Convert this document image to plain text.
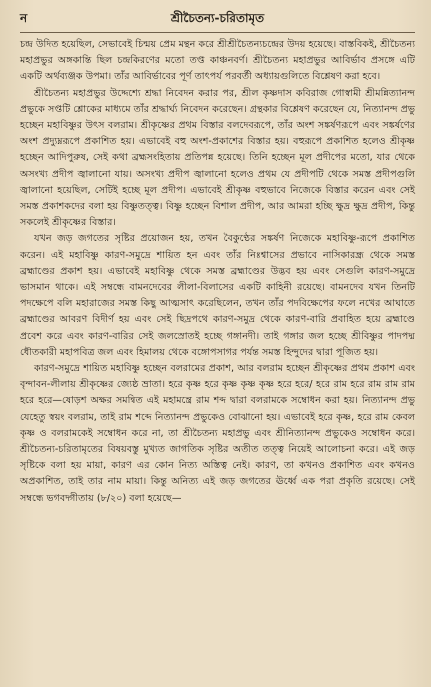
ন	শ্রীচৈতন্য-চরিতামৃত

চন্দ্র উদিত হয়েছিল, সেভাবেই চিন্ময় প্রেম মন্থন করে শ্রীশ্রীচৈতন্যচন্দ্রের উদয় হয়েছে। বাস্তবিকই, শ্রীচৈতন্য মহাপ্রভুর অঙ্গকান্তি ছিল চন্দ্রকিরণের মতো তপ্ত কাঞ্চনবর্ণ। শ্রীচৈতন্য মহাপ্রভুর আবির্ভাব প্রসঙ্গে এটি একটি অর্থব্যঞ্জক উপমা। তাঁর আবির্ভাবের পূর্ণ তাৎপর্য পরবর্তী অধ্যায়গুলিতে বিশ্লেষণ করা হবে।

শ্রীচৈতন্য মহাপ্রভুর উদ্দেশ্যে শ্রদ্ধা নিবেদন করার পর, শ্রীল কৃষ্ণদাস কবিরাজ গোস্বামী শ্রীমন্নিত্যানন্দ প্রভুকে সপ্তটি শ্লোকের মাধ্যমে তাঁর শ্রদ্ধার্ঘ্য নিবেদন করেছেন। গ্রন্থকার বিশ্লেষণ করেছেন যে, নিত্যানন্দ প্রভু হচ্ছেন মহাবিষ্ণুর উৎস বলরাম। শ্রীকৃষ্ণের প্রথম বিস্তার বলদেবরূপে, তাঁর অংশ সঙ্কর্ষণরূপে এবং সঙ্কর্ষণের অংশ প্রদ্যুম্নরূপে প্রকাশিত হয়। এভাবেই বহু অংশ-প্রকাশের বিস্তার হয়। বহুরূপে প্রকাশিত হলেও শ্রীকৃষ্ণ হচ্ছেন আদিপুরুষ, সেই কথা ব্রহ্মসংহিতায় প্রতিপন্ন হয়েছে। তিনি হচ্ছেন মূল প্রদীপের মতো, যার থেকে অসংখ্য প্রদীপ জ্বালানো যায়। অসংখ্য প্রদীপ জ্বালানো হলেও প্রথম যে প্রদীপটি থেকে সমস্ত প্রদীপগুলি জ্বালানো হয়েছিল, সেটিই হচ্ছে মূল প্রদীপ। এভাবেই শ্রীকৃষ্ণ বহুভাবে নিজেকে বিস্তার করেন এবং সেই সমস্ত প্রকাশকদের বলা হয় বিষ্ণুতত্ত্ব। বিষ্ণু হচ্ছেন বিশাল প্রদীপ, আর আমরা হচ্ছি ক্ষুদ্র ক্ষুদ্র প্রদীপ, কিন্তু সকলেই শ্রীকৃষ্ণের বিস্তার।

যখন জড় জগতের সৃষ্টির প্রয়োজন হয়, তখন বৈকুণ্ঠের সঙ্কর্ষণ নিজেকে মহাবিষ্ণু-রূপে প্রকাশিত করেন। এই মহাবিষ্ণু কারণ-সমুদ্রে শায়িত হন এবং তাঁর নিঃশ্বাসের প্রভাবে নাসিকারন্ধ্র থেকে সমস্ত ব্রহ্মাণ্ডের প্রকাশ হয়। এভাবেই মহাবিষ্ণু থেকে সমস্ত ব্রহ্মাণ্ডের উদ্ভব হয় এবং সেগুলি কারণ-সমুদ্রে ভাসমান থাকে। এই সম্বন্ধে বামনদেবের লীলা-বিলাসের একটি কাহিনী রয়েছে। বামনদেব যখন তিনটি পদক্ষেপে বলি মহারাজের সমস্ত কিছু আত্মসাৎ করেছিলেন, তখন তাঁর পদবিক্ষেপের ফলে নখের আঘাতে ব্রহ্মাণ্ডের আবরণ বিদীর্ণ হয় এবং সেই ছিদ্রপথে কারণ-সমুদ্র থেকে কারণ-বারি প্রবাহিত হয়ে ব্রহ্মাণ্ডে প্রবেশ করে এবং কারণ-বারির সেই জলস্রোতই হচ্ছে গঙ্গানদী। তাই গঙ্গার জল হচ্ছে শ্রীবিষ্ণুর পাদপদ্ম ধৌতকারী মহাপবিত্র জল এবং হিমালয় থেকে বঙ্গোপসাগর পর্যন্ত সমস্ত হিন্দুদের দ্বারা পূজিত হয়।

কারণ-সমুদ্রে শায়িত মহাবিষ্ণু হচ্ছেন বলরামের প্রকাশ, আর বলরাম হচ্ছেন শ্রীকৃষ্ণের প্রথম প্রকাশ এবং বৃন্দাবন-লীলায় শ্রীকৃষ্ণের জ্যেষ্ঠ ভ্রাতা। হরে কৃষ্ণ হরে কৃষ্ণ কৃষ্ণ কৃষ্ণ হরে হরে/ হরে রাম হরে রাম রাম রাম হরে হরে—ষোড়শ অক্ষর সমন্বিত এই মহামন্ত্রে রাম শব্দ দ্বারা বলরামকে সম্বোধন করা হয়। নিত্যানন্দ প্রভু যেহেতু স্বয়ং বলরাম, তাই রাম শব্দে নিত্যানন্দ প্রভুকেও বোঝানো হয়। এভাবেই হরে কৃষ্ণ, হরে রাম কেবল কৃষ্ণ ও বলরামকেই সম্বোধন করে না, তা শ্রীচৈতন্য মহাপ্রভু এবং শ্রীনিত্যানন্দ প্রভুকেও সম্বোধন করে। শ্রীচৈতন্য-চরিতামৃতের বিষয়বস্তু মুখ্যত জাগতিক সৃষ্টির অতীত তত্ত্ব নিয়েই আলোচনা করে। এই জড় সৃষ্টিকে বলা হয় মায়া, কারণ এর কোন নিত্য অস্তিত্ব নেই। কারণ, তা কখনও প্রকাশিত এবং কখনও অপ্রকাশিত, তাই তার নাম মায়া। কিন্তু অনিত্য এই জড় জগতের ঊর্ধ্বে এক পরা প্রকৃতি রয়েছে। সেই সম্বন্ধে ভগবদ্গীতায় (৮/২০) বলা হয়েছে—
